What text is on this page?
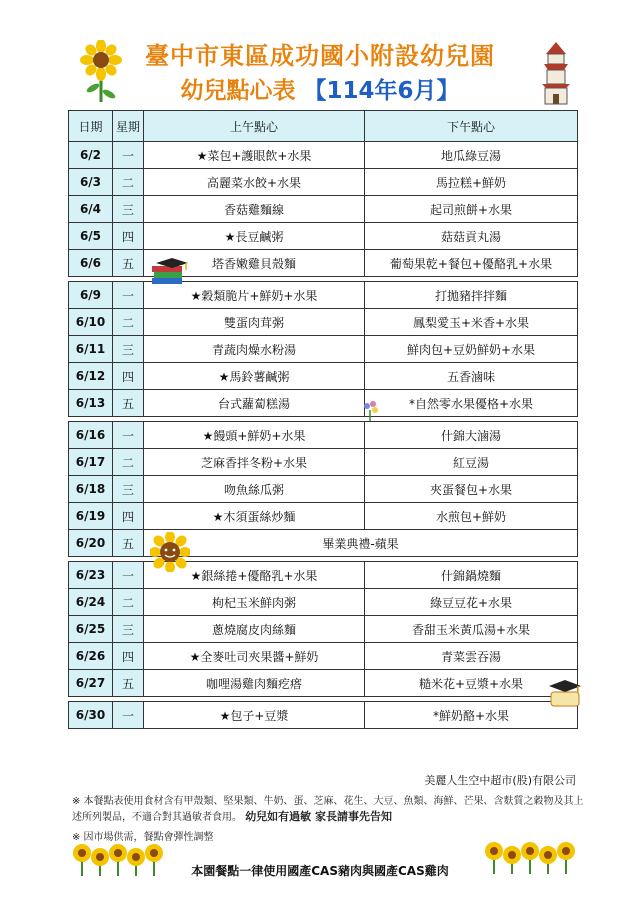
臺中市東區成功國小附設幼兒園
幼兒點心表 【114年6月】
日期	星期	上午點心	下午點心
6/2	一	★菜包+護眼飲+水果	地瓜綠豆湯
6/3	二	高麗菜水餃+水果	馬拉糕+鮮奶
6/4	三	香菇雞麵線	起司煎餅+水果
6/5	四	★長豆鹹粥	菇菇貢丸湯
6/6	五	塔香嫩雞貝殼麵	葡萄果乾+餐包+優酪乳+水果

6/9	一	★穀類脆片+鮮奶+水果	打拋豬拌拌麵
6/10	二	雙蛋肉茸粥	鳳梨愛玉+米香+水果
6/11	三	青蔬肉燥水粉湯	鮮肉包+豆奶鮮奶+水果
6/12	四	★馬鈴薯鹹粥	五香滷味
6/13	五	台式蘿蔔糕湯	*自然零水果優格+水果

6/16	一	★饅頭+鮮奶+水果	什錦大滷湯
6/17	二	芝麻香拌冬粉+水果	紅豆湯
6/18	三	吻魚絲瓜粥	夾蛋餐包+水果
6/19	四	★木須蛋絲炒麵	水煎包+鮮奶
6/20	五	畢業典禮-蘋果	

6/23	一	★銀絲捲+優酪乳+水果	什錦鍋燒麵
6/24	二	枸杞玉米鮮肉粥	綠豆豆花+水果
6/25	三	蔥燒腐皮肉絲麵	香甜玉米黃瓜湯+水果
6/26	四	★全麥吐司夾果醬+鮮奶	青菜雲吞湯
6/27	五	咖哩湯雞肉麵疙瘩	糙米花+豆漿+水果

6/30	一	★包子+豆漿	*鮮奶酪+水果
美麗人生空中超市(股)有限公司
※ 本餐點表使用食材含有甲殼類、堅果類、牛奶、蛋、芝麻、花生、大豆、魚類、海鮮、芒果、含麩質之穀物及其上
述所列製品，不適合對其過敏者食用。 幼兒如有過敏 家長請事先告知
※ 因市場供需，餐點會彈性調整
本園餐點一律使用國產CAS豬肉與國產CAS雞肉
